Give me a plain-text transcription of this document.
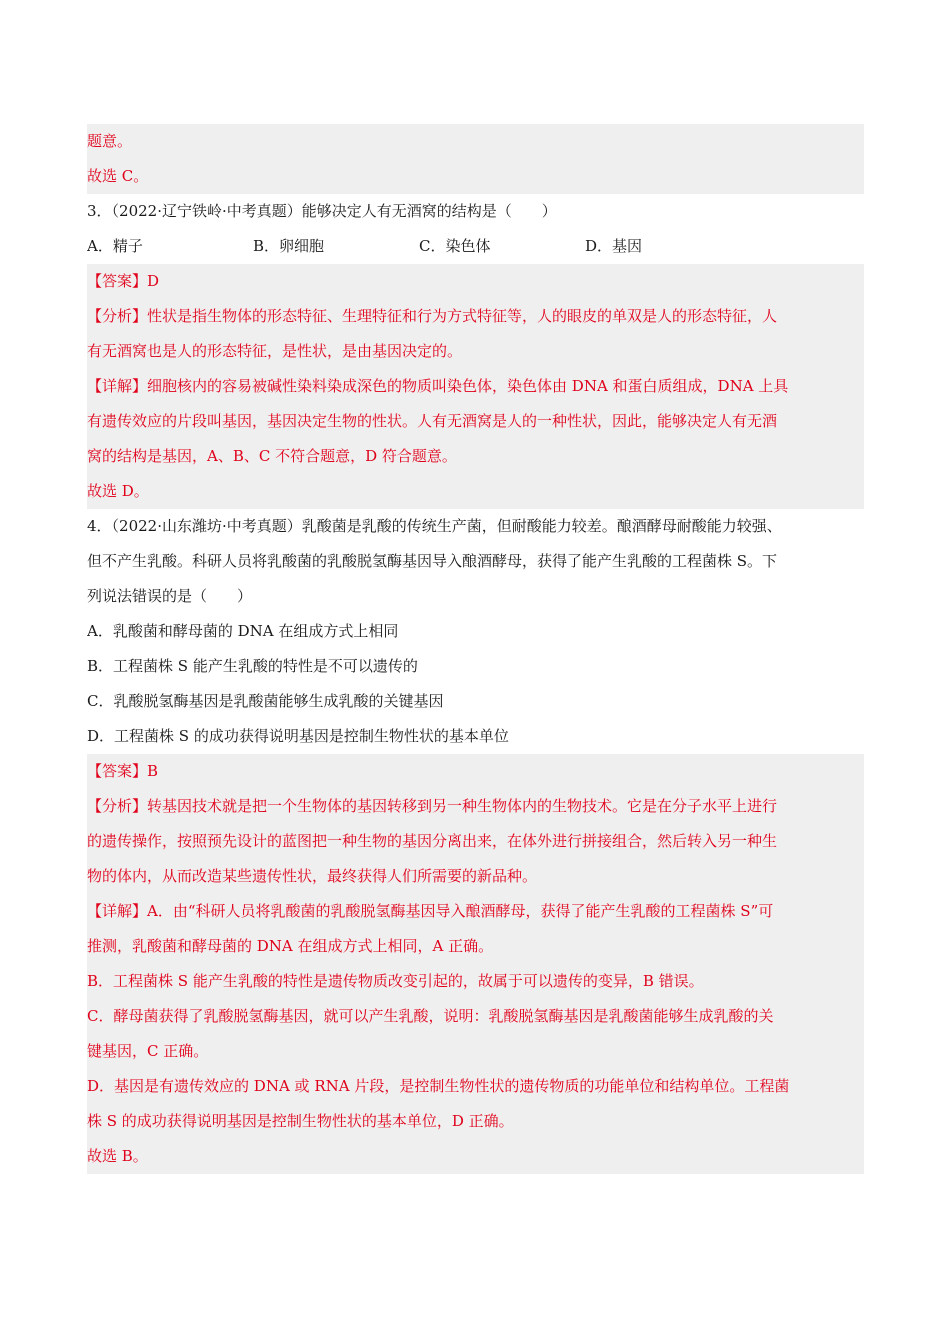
题意。
故选 C。
3．（2022·辽宁铁岭·中考真题）能够决定人有无酒窝的结构是（　　）
A．精子	B．卵细胞	C．染色体	D．基因
【答案】D
【分析】性状是指生物体的形态特征、生理特征和行为方式特征等，人的眼皮的单双是人的形态特征，人
有无酒窝也是人的形态特征，是性状，是由基因决定的。
【详解】细胞核内的容易被碱性染料染成深色的物质叫染色体，染色体由 DNA 和蛋白质组成，DNA 上具
有遗传效应的片段叫基因，基因决定生物的性状。人有无酒窝是人的一种性状，因此，能够决定人有无酒
窝的结构是基因，A、B、C 不符合题意，D 符合题意。
故选 D。
4．（2022·山东潍坊·中考真题）乳酸菌是乳酸的传统生产菌，但耐酸能力较差。酿酒酵母耐酸能力较强、
但不产生乳酸。科研人员将乳酸菌的乳酸脱氢酶基因导入酿酒酵母，获得了能产生乳酸的工程菌株 S。下
列说法错误的是（　　）
A．乳酸菌和酵母菌的 DNA 在组成方式上相同
B．工程菌株 S 能产生乳酸的特性是不可以遗传的
C．乳酸脱氢酶基因是乳酸菌能够生成乳酸的关键基因
D．工程菌株 S 的成功获得说明基因是控制生物性状的基本单位
【答案】B
【分析】转基因技术就是把一个生物体的基因转移到另一种生物体内的生物技术。它是在分子水平上进行
的遗传操作，按照预先设计的蓝图把一种生物的基因分离出来，在体外进行拼接组合，然后转入另一种生
物的体内，从而改造某些遗传性状，最终获得人们所需要的新品种。
【详解】A．由“科研人员将乳酸菌的乳酸脱氢酶基因导入酿酒酵母，获得了能产生乳酸的工程菌株 S”可
推测，乳酸菌和酵母菌的 DNA 在组成方式上相同，A 正确。
B．工程菌株 S 能产生乳酸的特性是遗传物质改变引起的，故属于可以遗传的变异，B 错误。
C．酵母菌获得了乳酸脱氢酶基因，就可以产生乳酸，说明：乳酸脱氢酶基因是乳酸菌能够生成乳酸的关
键基因，C 正确。
D．基因是有遗传效应的 DNA 或 RNA 片段，是控制生物性状的遗传物质的功能单位和结构单位。工程菌
株 S 的成功获得说明基因是控制生物性状的基本单位，D 正确。
故选 B。
